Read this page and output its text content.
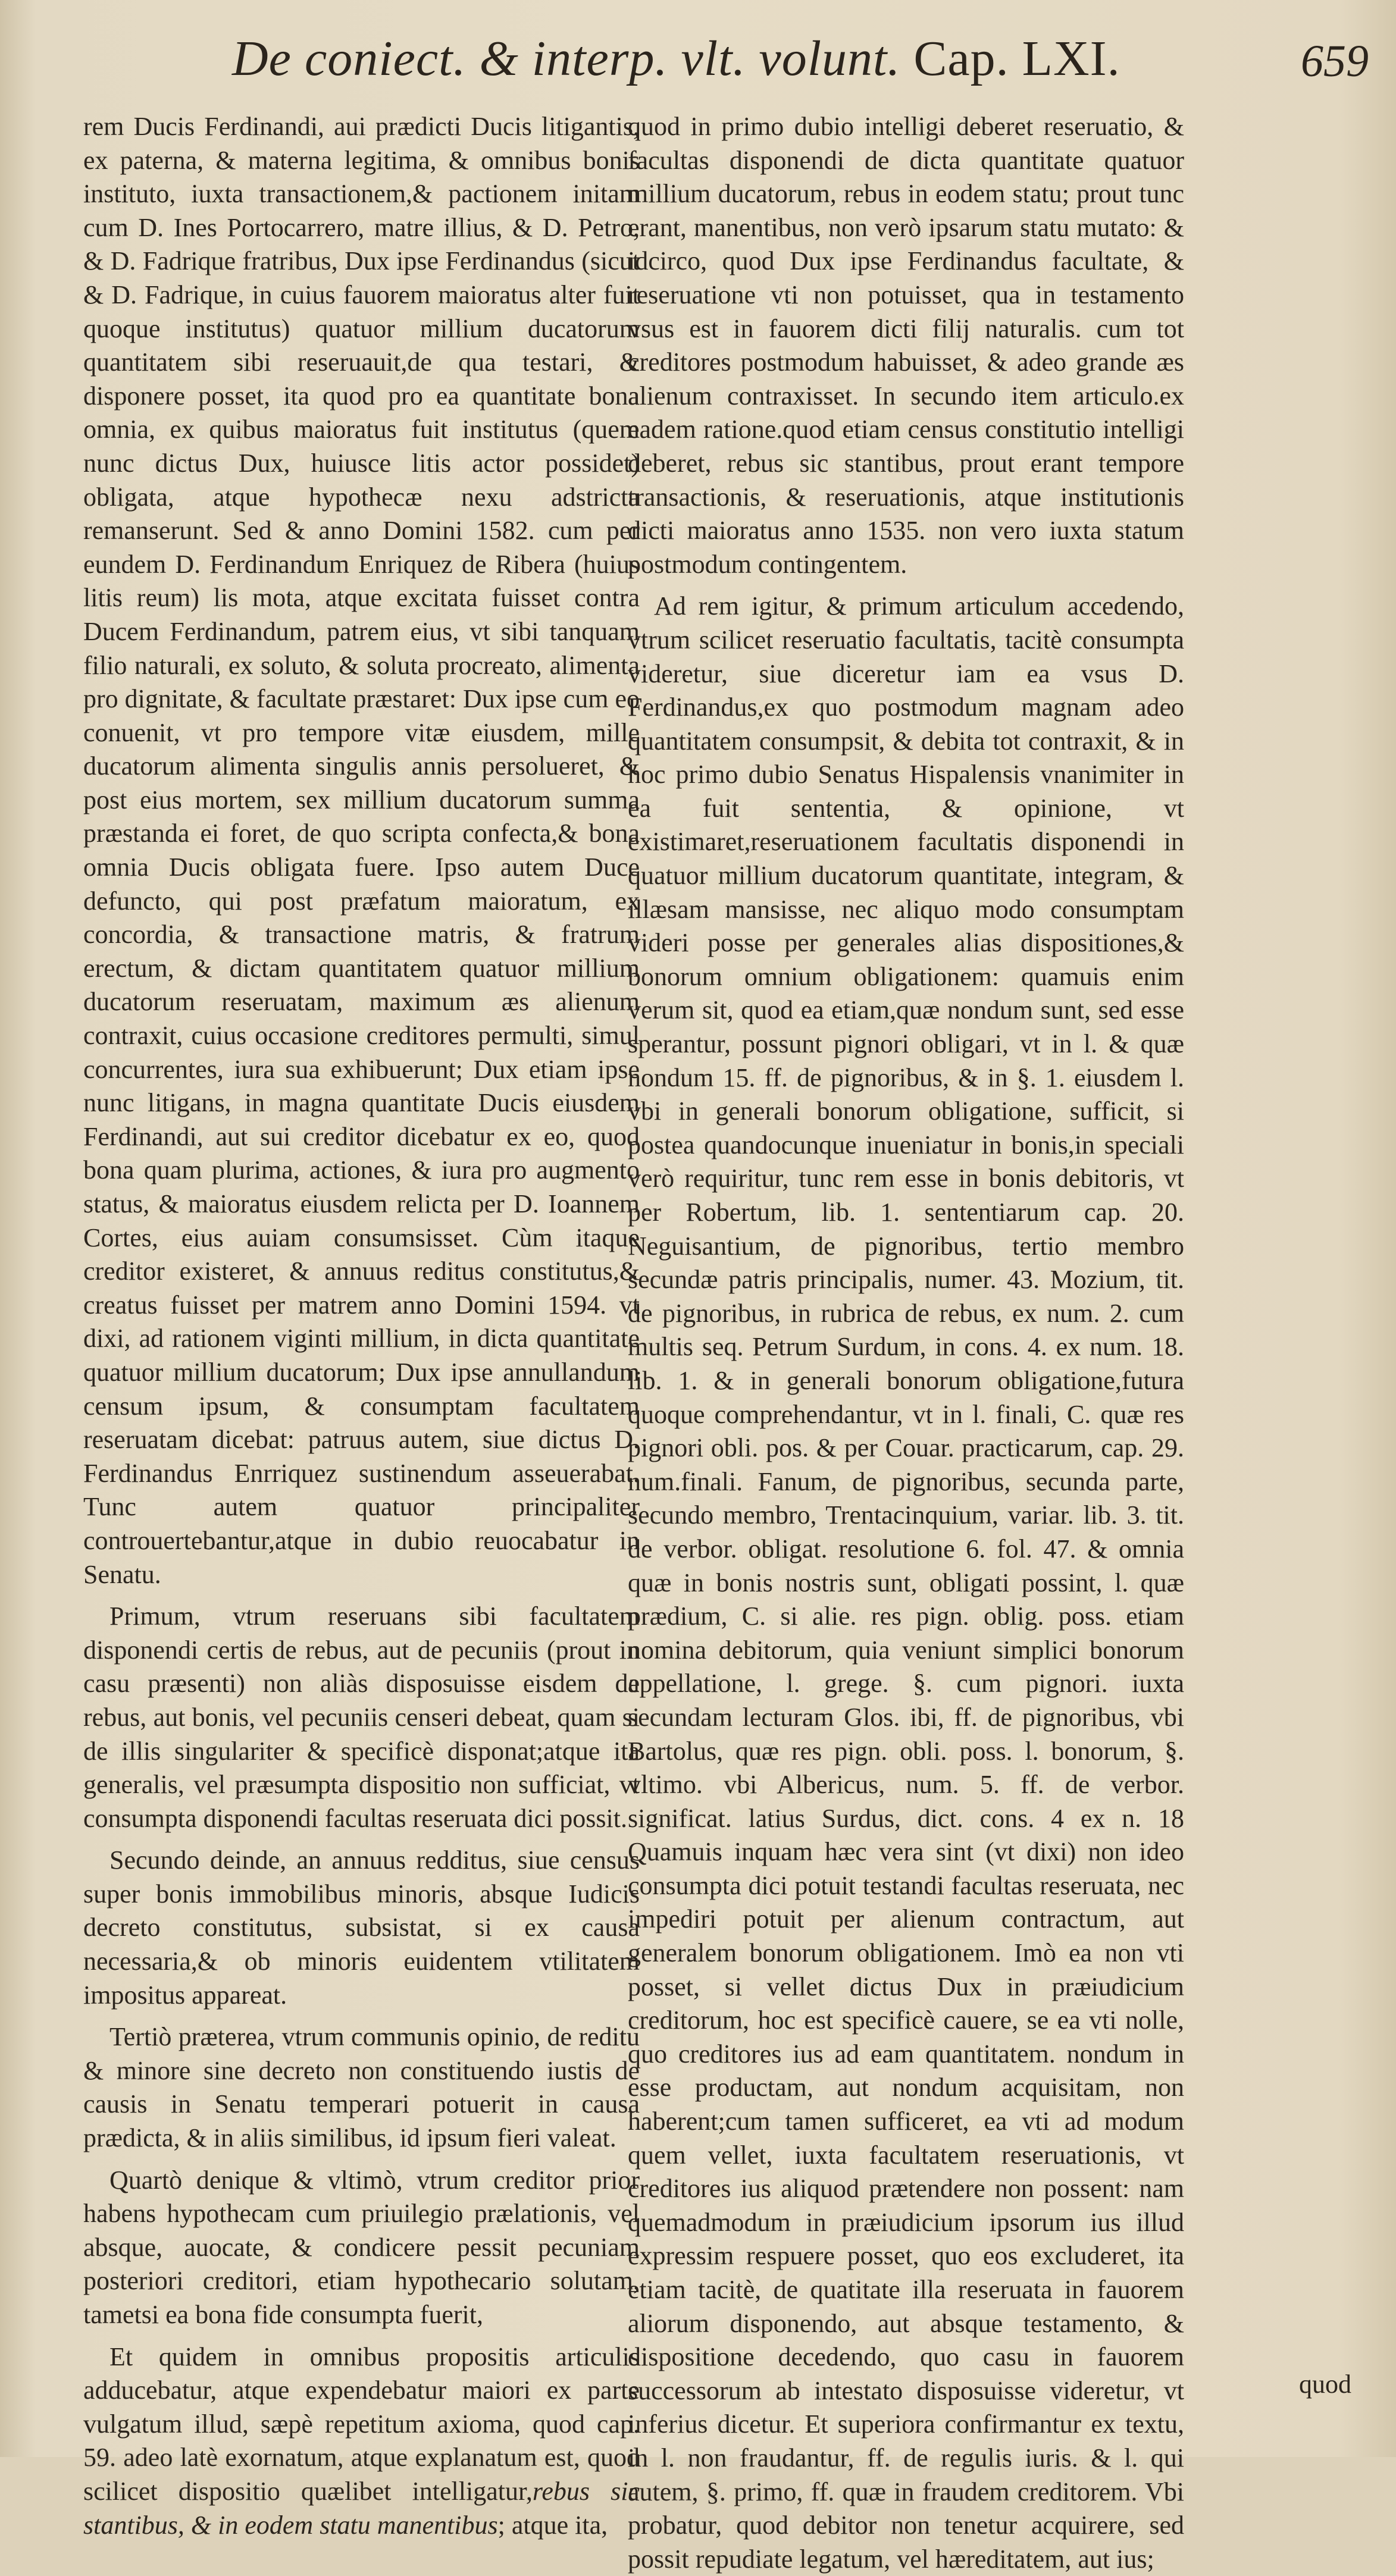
De coniect. & interp. vlt. volunt. Cap. LXI.	659

rem Ducis Ferdinandi, aui prædicti Ducis litigantis, ex paterna, & materna legitima, & omnibus bonis instituto, iuxta transactionem,& pactionem initam cum D. Ines Portocarrero, matre illius, & D. Petro, & D. Fadrique fratribus, Dux ipse Ferdinandus (sicut & D. Fadrique, in cuius fauorem maioratus alter fuit quoque institutus) quatuor millium ducatorum quantitatem sibi reseruauit,de qua testari, & disponere posset, ita quod pro ea quantitate bona omnia, ex quibus maioratus fuit institutus (quem nunc dictus Dux, huiusce litis actor possidet) obligata, atque hypothecæ nexu adstricta remanserunt. Sed & anno Domini 1582. cum per eundem D. Ferdinandum Enriquez de Ribera (huius litis reum) lis mota, atque excitata fuisset contra Ducem Ferdinandum, patrem eius, vt sibi tanquam filio naturali, ex soluto, & soluta procreato, alimenta pro dignitate, & facultate præstaret: Dux ipse cum eo conuenit, vt pro tempore vitæ eiusdem, mille ducatorum alimenta singulis annis persolueret, & post eius mortem, sex millium ducatorum summa præstanda ei foret, de quo scripta confecta,& bona omnia Ducis obligata fuere. Ipso autem Duce defuncto, qui post præfatum maioratum, ex concordia, & transactione matris, & fratrum erectum, & dictam quantitatem quatuor millium ducatorum reseruatam, maximum æs alienum contraxit, cuius occasione creditores permulti, simul concurrentes, iura sua exhibuerunt; Dux etiam ipse nunc litigans, in magna quantitate Ducis eiusdem Ferdinandi, aut sui creditor dicebatur ex eo, quod bona quam plurima, actiones, & iura pro augmento status, & maioratus eiusdem relicta per D. Ioannem Cortes, eius auiam consumsisset. Cùm itaque creditor existeret, & annuus reditus constitutus,& creatus fuisset per matrem anno Domini 1594. vt dixi, ad rationem viginti millium, in dicta quantitate quatuor millium ducatorum; Dux ipse annullandum censum ipsum, & consumptam facultatem reseruatam dicebat: patruus autem, siue dictus D. Ferdinandus Enrriquez sustinendum asseuerabat. Tunc autem quatuor principaliter controuertebantur,atque in dubio reuocabatur in Senatu.

Primum, vtrum reseruans sibi facultatem disponendi certis de rebus, aut de pecuniis (prout in casu præsenti) non aliàs disposuisse eisdem de rebus, aut bonis, vel pecuniis censeri debeat, quam si de illis singulariter & specificè disponat;atque ita generalis, vel præsumpta dispositio non sufficiat, vt consumpta disponendi facultas reseruata dici possit.

Secundo deinde, an annuus redditus, siue census super bonis immobilibus minoris, absque Iudicis decreto constitutus, subsistat, si ex causa necessaria,& ob minoris euidentem vtilitatem impositus appareat.

Tertiò præterea, vtrum communis opinio, de reditu & minore sine decreto non constituendo iustis de causis in Senatu temperari potuerit in causa prædicta, & in aliis similibus, id ipsum fieri valeat.

Quartò denique & vltimò, vtrum creditor prior habens hypothecam cum priuilegio prælationis, vel absque, auocate, & condicere pessit pecuniam posteriori creditori, etiam hypothecario solutam, tametsi ea bona fide consumpta fuerit,

Et quidem in omnibus propositis articulis adducebatur, atque expendebatur maiori ex parte vulgatum illud, sæpè repetitum axioma, quod cap. 59. adeo latè exornatum, atque explanatum est, quod scilicet dispositio quælibet intelligatur,rebus sic stantibus, & in eodem statu manentibus; atque ita,

quod in primo dubio intelligi deberet reseruatio, & facultas disponendi de dicta quantitate quatuor millium ducatorum, rebus in eodem statu; prout tunc erant, manentibus, non verò ipsarum statu mutato: & idcirco, quod Dux ipse Ferdinandus facultate, & reseruatione vti non potuisset, qua in testamento vsus est in fauorem dicti filij naturalis. cum tot creditores postmodum habuisset, & adeo grande æs alienum contraxisset. In secundo item articulo.ex eadem ratione.quod etiam census constitutio intelligi deberet, rebus sic stantibus, prout erant tempore transactionis, & reseruationis, atque institutionis dicti maioratus anno 1535. non vero iuxta statum postmodum contingentem.

Ad rem igitur, & primum articulum accedendo, vtrum scilicet reseruatio facultatis, tacitè consumpta videretur, siue diceretur iam ea vsus D. Ferdinandus,ex quo postmodum magnam adeo quantitatem consumpsit, & debita tot contraxit, & in hoc primo dubio Senatus Hispalensis vnanimiter in ea fuit sententia, & opinione, vt existimaret,reseruationem facultatis disponendi in quatuor millium ducatorum quantitate, integram, & illæsam mansisse, nec aliquo modo consumptam videri posse per generales alias dispositiones,& bonorum omnium obligationem: quamuis enim verum sit, quod ea etiam,quæ nondum sunt, sed esse sperantur, possunt pignori obligari, vt in l. & quæ nondum 15. ff. de pignoribus, & in §. 1. eiusdem l. vbi in generali bonorum obligatione, sufficit, si postea quandocunque inueniatur in bonis,in speciali verò requiritur, tunc rem esse in bonis debitoris, vt per Robertum, lib. 1. sententiarum cap. 20. Neguisantium, de pignoribus, tertio membro secundæ patris principalis, numer. 43. Mozium, tit. de pignoribus, in rubrica de rebus, ex num. 2. cum multis seq. Petrum Surdum, in cons. 4. ex num. 18. lib. 1. & in generali bonorum obligatione,futura quoque comprehendantur, vt in l. finali, C. quæ res pignori obli. pos. & per Couar. practicarum, cap. 29. num.finali. Fanum, de pignoribus, secunda parte, secundo membro, Trentacinquium, variar. lib. 3. tit. de verbor. obligat. resolutione 6. fol. 47. & omnia quæ in bonis nostris sunt, obligati possint, l. quæ prædium, C. si alie. res pign. oblig. poss. etiam nomina debitorum, quia veniunt simplici bonorum appellatione, l. grege. §. cum pignori. iuxta secundam lecturam Glos. ibi, ff. de pignoribus, vbi Bartolus, quæ res pign. obli. poss. l. bonorum, §. vltimo. vbi Albericus, num. 5. ff. de verbor. significat. latius Surdus, dict. cons. 4 ex n. 18 Quamuis inquam hæc vera sint (vt dixi) non ideo consumpta dici potuit testandi facultas reseruata, nec impediri potuit per alienum contractum, aut generalem bonorum obligationem. Imò ea non vti posset, si vellet dictus Dux in præiudicium creditorum, hoc est specificè cauere, se ea vti nolle, quo creditores ius ad eam quantitatem. nondum in esse productam, aut nondum acquisitam, non haberent;cum tamen sufficeret, ea vti ad modum quem vellet, iuxta facultatem reseruationis, vt creditores ius aliquod prætendere non possent: nam quemadmodum in præiudicium ipsorum ius illud expressim respuere posset, quo eos excluderet, ita etiam tacitè, de quatitate illa reseruata in fauorem aliorum disponendo, aut absque testamento, & dispositione decedendo, quo casu in fauorem successorum ab intestato disposuisse videretur, vt inferius dicetur. Et superiora confirmantur ex textu, in l. non fraudantur, ff. de regulis iuris. & l. qui autem, §. primo, ff. quæ in fraudem creditorem. Vbi probatur, quod debitor non tenetur acquirere, sed possit repudiate legatum, vel hæreditatem, aut ius;

quod
